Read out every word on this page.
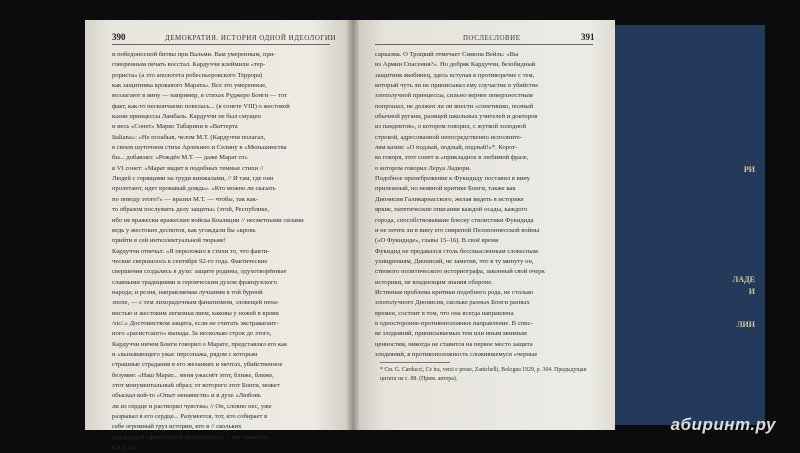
РИ
ЛАДЕ
И
ЛИН
390	ДЕМОКРАТИЯ. ИСТОРИЯ ОДНОЙ ИДЕОЛОГИИ
и победоносной битвы при Вальми. Вам умеренным, при-
говоренным печать восстал. Кардуччи клеймили «тер-
рориста» (а это апологета робеспьеровского Террора)
как защитника кровавого Марата». Все это умеренные,
возлагают в вину — например, в стихах Руджеро Бонги — тот
факт, как-то нескончаемо повелась... (в сонете VIII) о жестокой
казни принцессы Ламбаль. Кардуччи не был смущен
и весь «Сонет» Марко Табарини в «Ваттерта
Italiana»: «Не позабыв, челом М.Т. (Кардуччи полагал,
в своем шуточном стихе Арлекино и Селину в «Меньшинства
бы... добавлял: «Рождён М.Т. — даже Марат от»
в VI сонет: «Марат видит в подобных темные стихи //
Людей с горящими на груди кинжалами, // И там, где они
пролетают, идет кровавый дождь». «Кто можно ли сказать
по поводу этого?» — вразил М.Т. — чтобы, так как-
то образом послужить делу защиты» (этой, Республике,
ибо не вражески вражеские войска Коалиции // несметными силами
ведь у жестоких деспотов, как угождали бы «кровь
прийти в сей интеллектуальной тюрьме!
Кардуччи отвечал: «Я переложил в стихи то, что факти-
ческие свершилось в сентябре 92-го года. Фактические
свершения создались в духе: защите родины, одухотворённые
славными традициями и героическим духом французского
народа; и резня, направляемая лучшими в той бурной
эпохе, — с тем лихорадочным фанатизмом, зловещей нена-
вистью и жестоким легкомыслием, каковы у ножей в крови
/sic/.» Достоинством защита, если не считать экстравагант-
ного «расистского» выпада. За несколько строк до этого,
Кардуччи ничем Бонги говорил о Марате, представлял его как
и «вызывающего ужас персонажа, рядом с которым
страшные страдания в его желаниях и мечтах, убийственное
безумие: «Наш Марат... меня ужаснёт этот, ближе, ближе,
этот монументальный образ; от которого этот Бонги, может
обыскал кой-то «Опыт ненависти» и в духе «Любовь
ли из сердце и растворял чувства» // Он, словно пес, уже
разрывал в его сердце... Разумеется, тот, кто собирает в
себе огромный груз истории, кто в // скольких
над каждой «филологией металлургов», // мог пожелать
и в т. д.».
ПОСЛЕСЛОВИЕ	391
сарказма. О Троцкий отмечает Симона Вейль: «Вы
из Армии Спасения?». Но добряк Кардуччи, безобидный
защитник якобинец, здесь вступая в противоречие с тем,
который чуть ли не приписывал ему соучастие в убийстве
злополучной принцессы, сильно вернее поверхностным
попрошал, не должен ли он внести «сонетишко, полный
обычной ругани, разящей школьных учителей и докторов
из пандектов», о котором говорил, с жуткой холодной
строкой, адресованной непосредственно исполните-
лям казни: «О подлый, подлый, подлый!»*. Корот-
ко говоря, этот сонет и «прикладное в любимой фразе,
о котором говорил Леруа Ладюри.
Подобное пренебрежение к Фукидиду поставил в вину
прилежный, но неявной критике Бонги, также как
Дионисия Галикарнасского, желая видеть в историке
яркие, патетические описания каждой осады, каждого
города, способствовавшие блеску стилистики Фукидида
и не почти ли в вину его свирепой Пелопоннесской войны
(«О Фукидиде», главы 15–16). В своё время
Фукидид не предавался столь бессмысленным словесным
ухищрениям, Дионисий, не заметив, что в ту минуту он,
ствового политического историографа, законный свой очерк
историки, не владеющим знания обороне.
Истинная проблема критики подобного рода, не столько
злополучного Дионисия, сколько разных Бонги разных
времен, состоит в том, что она всегда направлена
в односторонне-противоположное направление. В спис-
ке злодеяний, приписываемых тем или иным мнимым
ценностям, никогда не ставится на первое место защита
злодеяний, в противоположность сложившемуся «черные
* См. G. Carducci, Ce ira, versi e prose, Zanichelli, Bologna 1929, p. 304. Предыдущая цитата на с. 88. (Прим. автора).
абиринт.ру
